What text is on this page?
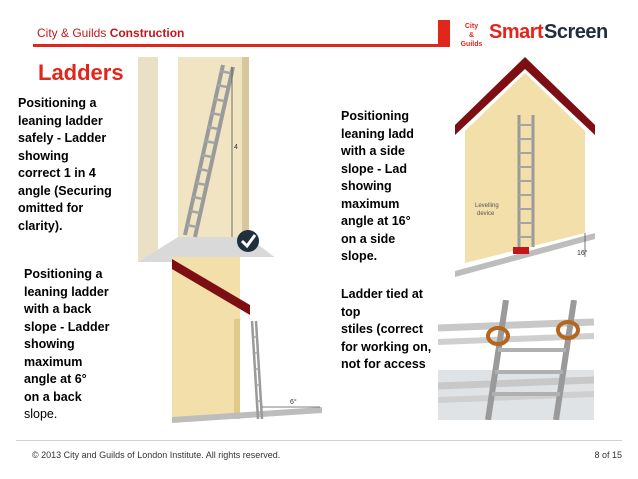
City & Guilds Construction	City
&
Guilds
Smart Screen
Ladders
Positioning a
leaning ladder
safely - Ladder
showing
correct 1 in 4
angle (Securing
omitted for
clarity).
Positioning
leaning ladd
with a side
slope - Lad
showing
maximum
angle at 16°
on a side
slope.
Positioning a
leaning ladder
with a back
slope - Ladder
showing
maximum
angle at 6°
on a back
slope.
Ladder tied at
top
stiles (correct
for working on,
not for access
4
Levelling device
16°
6°
© 2013 City and Guilds of London Institute. All rights reserved.	8 of 15
